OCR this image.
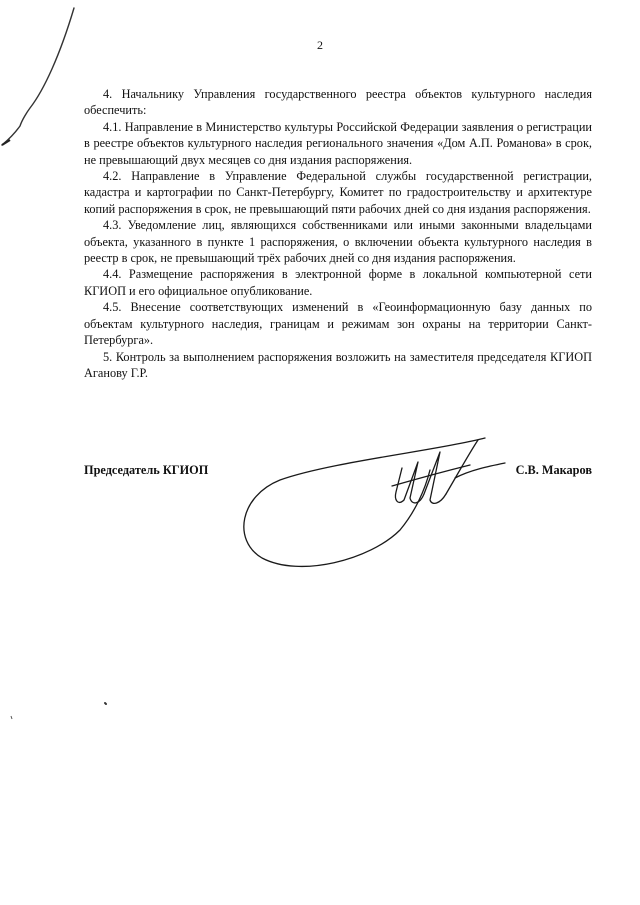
2

4. Начальнику Управления государственного реестра объектов культурного наследия обеспечить:

4.1. Направление в Министерство культуры Российской Федерации заявления о регистрации в реестре объектов культурного наследия регионального значения «Дом А.П. Романова» в срок, не превышающий двух месяцев со дня издания распоряжения.

4.2. Направление в Управление Федеральной службы государственной регистрации, кадастра и картографии по Санкт-Петербургу, Комитет по градостроительству и архитектуре копий распоряжения в срок, не превышающий пяти рабочих дней со дня издания распоряжения.

4.3. Уведомление лиц, являющихся собственниками или иными законными владельцами объекта, указанного в пункте 1 распоряжения, о включении объекта культурного наследия в реестр в срок, не превышающий трёх рабочих дней со дня издания распоряжения.

4.4. Размещение распоряжения в электронной форме в локальной компьютерной сети КГИОП и его официальное опубликование.

4.5. Внесение соответствующих изменений в «Геоинформационную базу данных по объектам культурного наследия, границам и режимам зон охраны на территории Санкт-Петербурга».

5. Контроль за выполнением распоряжения возложить на заместителя председателя КГИОП Аганову Г.Р.

Председатель КГИОП	С.В. Макаров
